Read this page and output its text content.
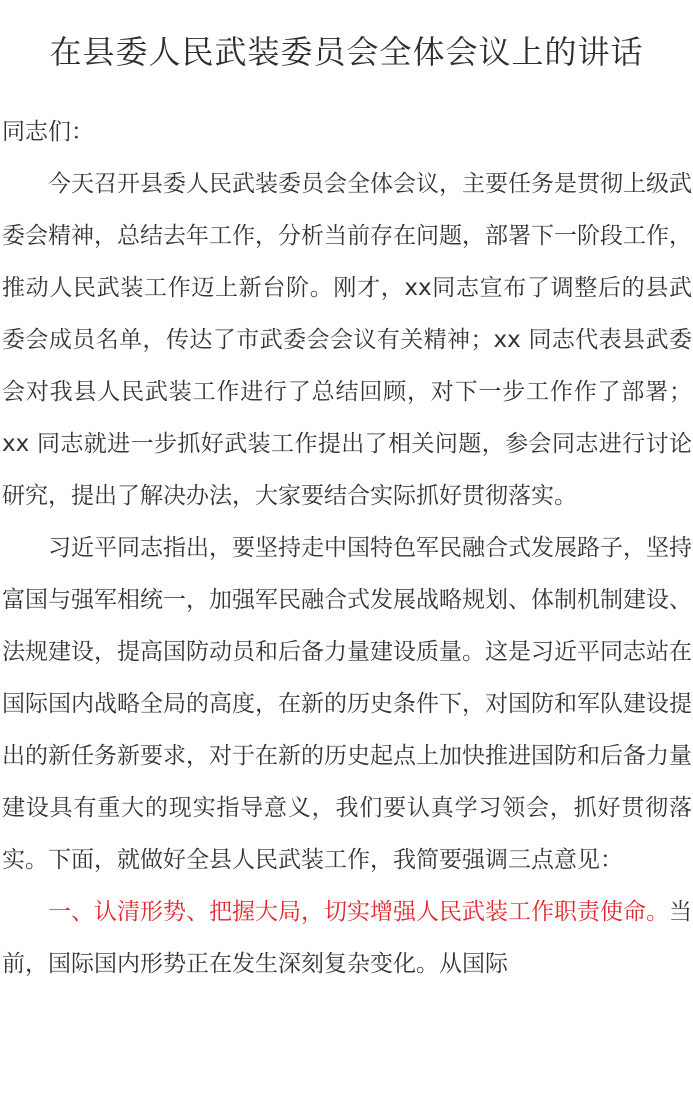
在县委人民武装委员会全体会议上的讲话

同志们：

今天召开县委人民武装委员会全体会议，主要任务是贯彻上级武委会精神，总结去年工作，分析当前存在问题，部署下一阶段工作，推动人民武装工作迈上新台阶。刚才，xx同志宣布了调整后的县武委会成员名单，传达了市武委会会议有关精神；xx 同志代表县武委会对我县人民武装工作进行了总结回顾，对下一步工作作了部署；xx 同志就进一步抓好武装工作提出了相关问题，参会同志进行讨论研究，提出了解决办法，大家要结合实际抓好贯彻落实。

习近平同志指出，要坚持走中国特色军民融合式发展路子，坚持富国与强军相统一，加强军民融合式发展战略规划、体制机制建设、法规建设，提高国防动员和后备力量建设质量。这是习近平同志站在国际国内战略全局的高度，在新的历史条件下，对国防和军队建设提出的新任务新要求，对于在新的历史起点上加快推进国防和后备力量建设具有重大的现实指导意义，我们要认真学习领会，抓好贯彻落实。下面，就做好全县人民武装工作，我简要强调三点意见：

一、认清形势、把握大局，切实增强人民武装工作职责使命。当前，国际国内形势正在发生深刻复杂变化。从国际
